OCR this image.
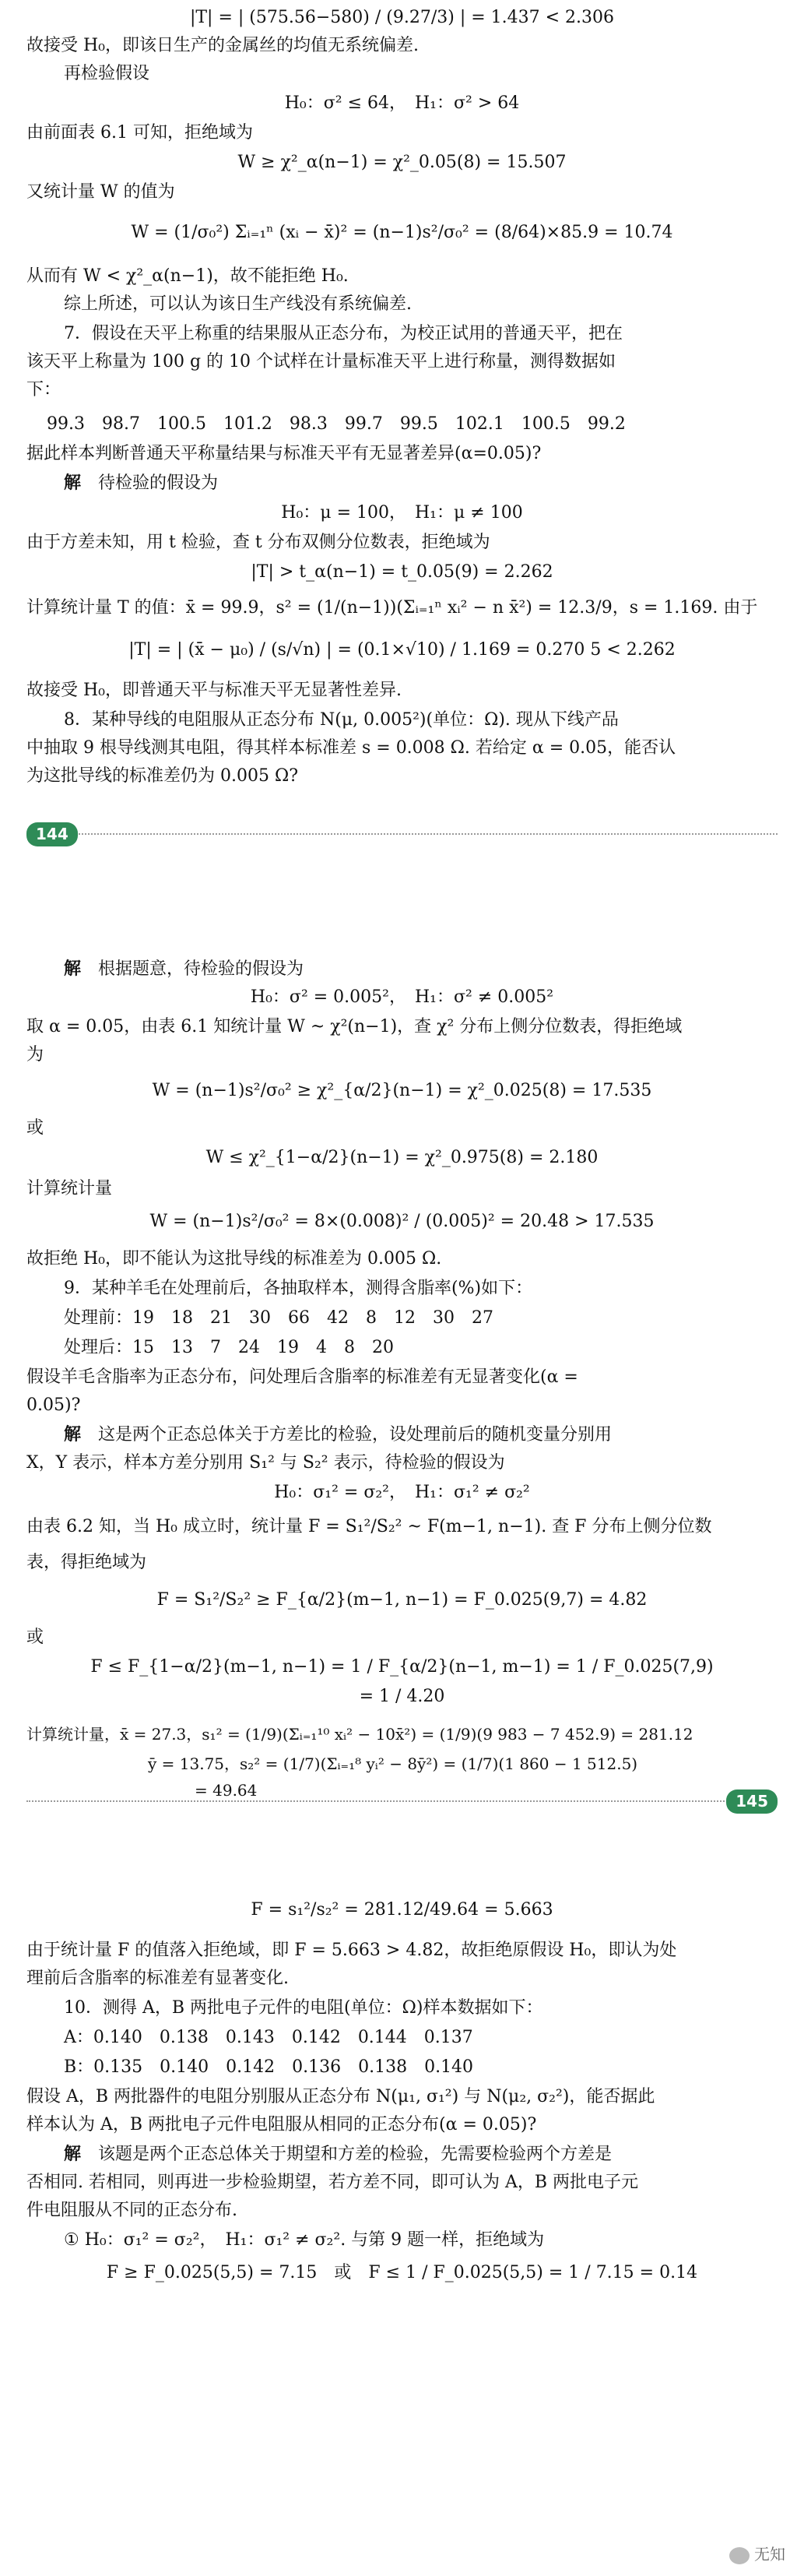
|T| = | (575.56−580) / (9.27/3) | = 1.437 < 2.306
故接受 H₀，即该日生产的金属丝的均值无系统偏差.
再检验假设
H₀：σ² ≤ 64，　H₁：σ² > 64
由前面表 6.1 可知，拒绝域为
W ≥ χ²_α(n−1) = χ²_0.05(8) = 15.507
又统计量 W 的值为
W = (1/σ₀²) Σᵢ₌₁ⁿ (xᵢ − x̄)² = (n−1)s²/σ₀² = (8/64)×85.9 = 10.74
从而有 W < χ²_α(n−1)，故不能拒绝 H₀.
综上所述，可以认为该日生产线没有系统偏差.
7．假设在天平上称重的结果服从正态分布，为校正试用的普通天平，把在
该天平上称量为 100 g 的 10 个试样在计量标准天平上进行称量，测得数据如
下：
99.3　98.7　100.5　101.2　98.3　99.7　99.5　102.1　100.5　99.2
据此样本判断普通天平称量结果与标准天平有无显著差异(α=0.05)?
解　 待检验的假设为
H₀：μ = 100，　H₁：μ ≠ 100
由于方差未知，用 t 检验，查 t 分布双侧分位数表，拒绝域为
|T| > t_α(n−1) = t_0.05(9) = 2.262
计算统计量 T 的值：x̄ = 99.9，s² = (1/(n−1))(Σᵢ₌₁ⁿ xᵢ² − n x̄²) = 12.3/9，s = 1.169. 由于
|T| = | (x̄ − μ₀) / (s/√n) | = (0.1×√10) / 1.169 = 0.270 5 < 2.262
故接受 H₀，即普通天平与标准天平无显著性差异.
8．某种导线的电阻服从正态分布 N(μ, 0.005²)(单位：Ω). 现从下线产品
中抽取 9 根导线测其电阻，得其样本标准差 s = 0.008 Ω. 若给定 α = 0.05，能否认
为这批导线的标准差仍为 0.005 Ω?
144
解　 根据题意，待检验的假设为
H₀：σ² = 0.005²，　H₁：σ² ≠ 0.005²
取 α = 0.05，由表 6.1 知统计量 W ~ χ²(n−1)，查 χ² 分布上侧分位数表，得拒绝域
为
W = (n−1)s²/σ₀² ≥ χ²_{α/2}(n−1) = χ²_0.025(8) = 17.535
或
W ≤ χ²_{1−α/2}(n−1) = χ²_0.975(8) = 2.180
计算统计量
W = (n−1)s²/σ₀² = 8×(0.008)² / (0.005)² = 20.48 > 17.535
故拒绝 H₀，即不能认为这批导线的标准差为 0.005 Ω.
9．某种羊毛在处理前后，各抽取样本，测得含脂率(%)如下：
处理前：19　18　21　30　66　42　8　12　30　27
处理后：15　13　7　24　19　4　8　20
假设羊毛含脂率为正态分布，问处理后含脂率的标准差有无显著变化(α =
0.05)?
解　 这是两个正态总体关于方差比的检验，设处理前后的随机变量分别用
X，Y 表示，样本方差分别用 S₁² 与 S₂² 表示，待检验的假设为
H₀：σ₁² = σ₂²，　H₁：σ₁² ≠ σ₂²
由表 6.2 知，当 H₀ 成立时，统计量 F = S₁²/S₂² ~ F(m−1, n−1). 查 F 分布上侧分位数
表，得拒绝域为
F = S₁²/S₂² ≥ F_{α/2}(m−1, n−1) = F_0.025(9,7) = 4.82
或
F ≤ F_{1−α/2}(m−1, n−1) = 1 / F_{α/2}(n−1, m−1) = 1 / F_0.025(7,9)
= 1 / 4.20
计算统计量，x̄ = 27.3，s₁² = (1/9)(Σᵢ₌₁¹⁰ xᵢ² − 10x̄²) = (1/9)(9 983 − 7 452.9) = 281.12
ȳ = 13.75，s₂² = (1/7)(Σᵢ₌₁⁸ yᵢ² − 8ȳ²) = (1/7)(1 860 − 1 512.5)
= 49.64
145
F = s₁²/s₂² = 281.12/49.64 = 5.663
由于统计量 F 的值落入拒绝域，即 F = 5.663 > 4.82，故拒绝原假设 H₀，即认为处
理前后含脂率的标准差有显著变化.
10．测得 A，B 两批电子元件的电阻(单位：Ω)样本数据如下：
A：0.140　0.138　0.143　0.142　0.144　0.137
B：0.135　0.140　0.142　0.136　0.138　0.140
假设 A，B 两批器件的电阻分别服从正态分布 N(μ₁, σ₁²) 与 N(μ₂, σ₂²)，能否据此
样本认为 A，B 两批电子元件电阻服从相同的正态分布(α = 0.05)?
解　 该题是两个正态总体关于期望和方差的检验，先需要检验两个方差是
否相同. 若相同，则再进一步检验期望，若方差不同，即可认为 A，B 两批电子元
件电阻服从不同的正态分布.
① H₀：σ₁² = σ₂²，　H₁：σ₁² ≠ σ₂². 与第 9 题一样，拒绝域为
F ≥ F_0.025(5,5) = 7.15　或　F ≤ 1 / F_0.025(5,5) = 1 / 7.15 = 0.14
无知
